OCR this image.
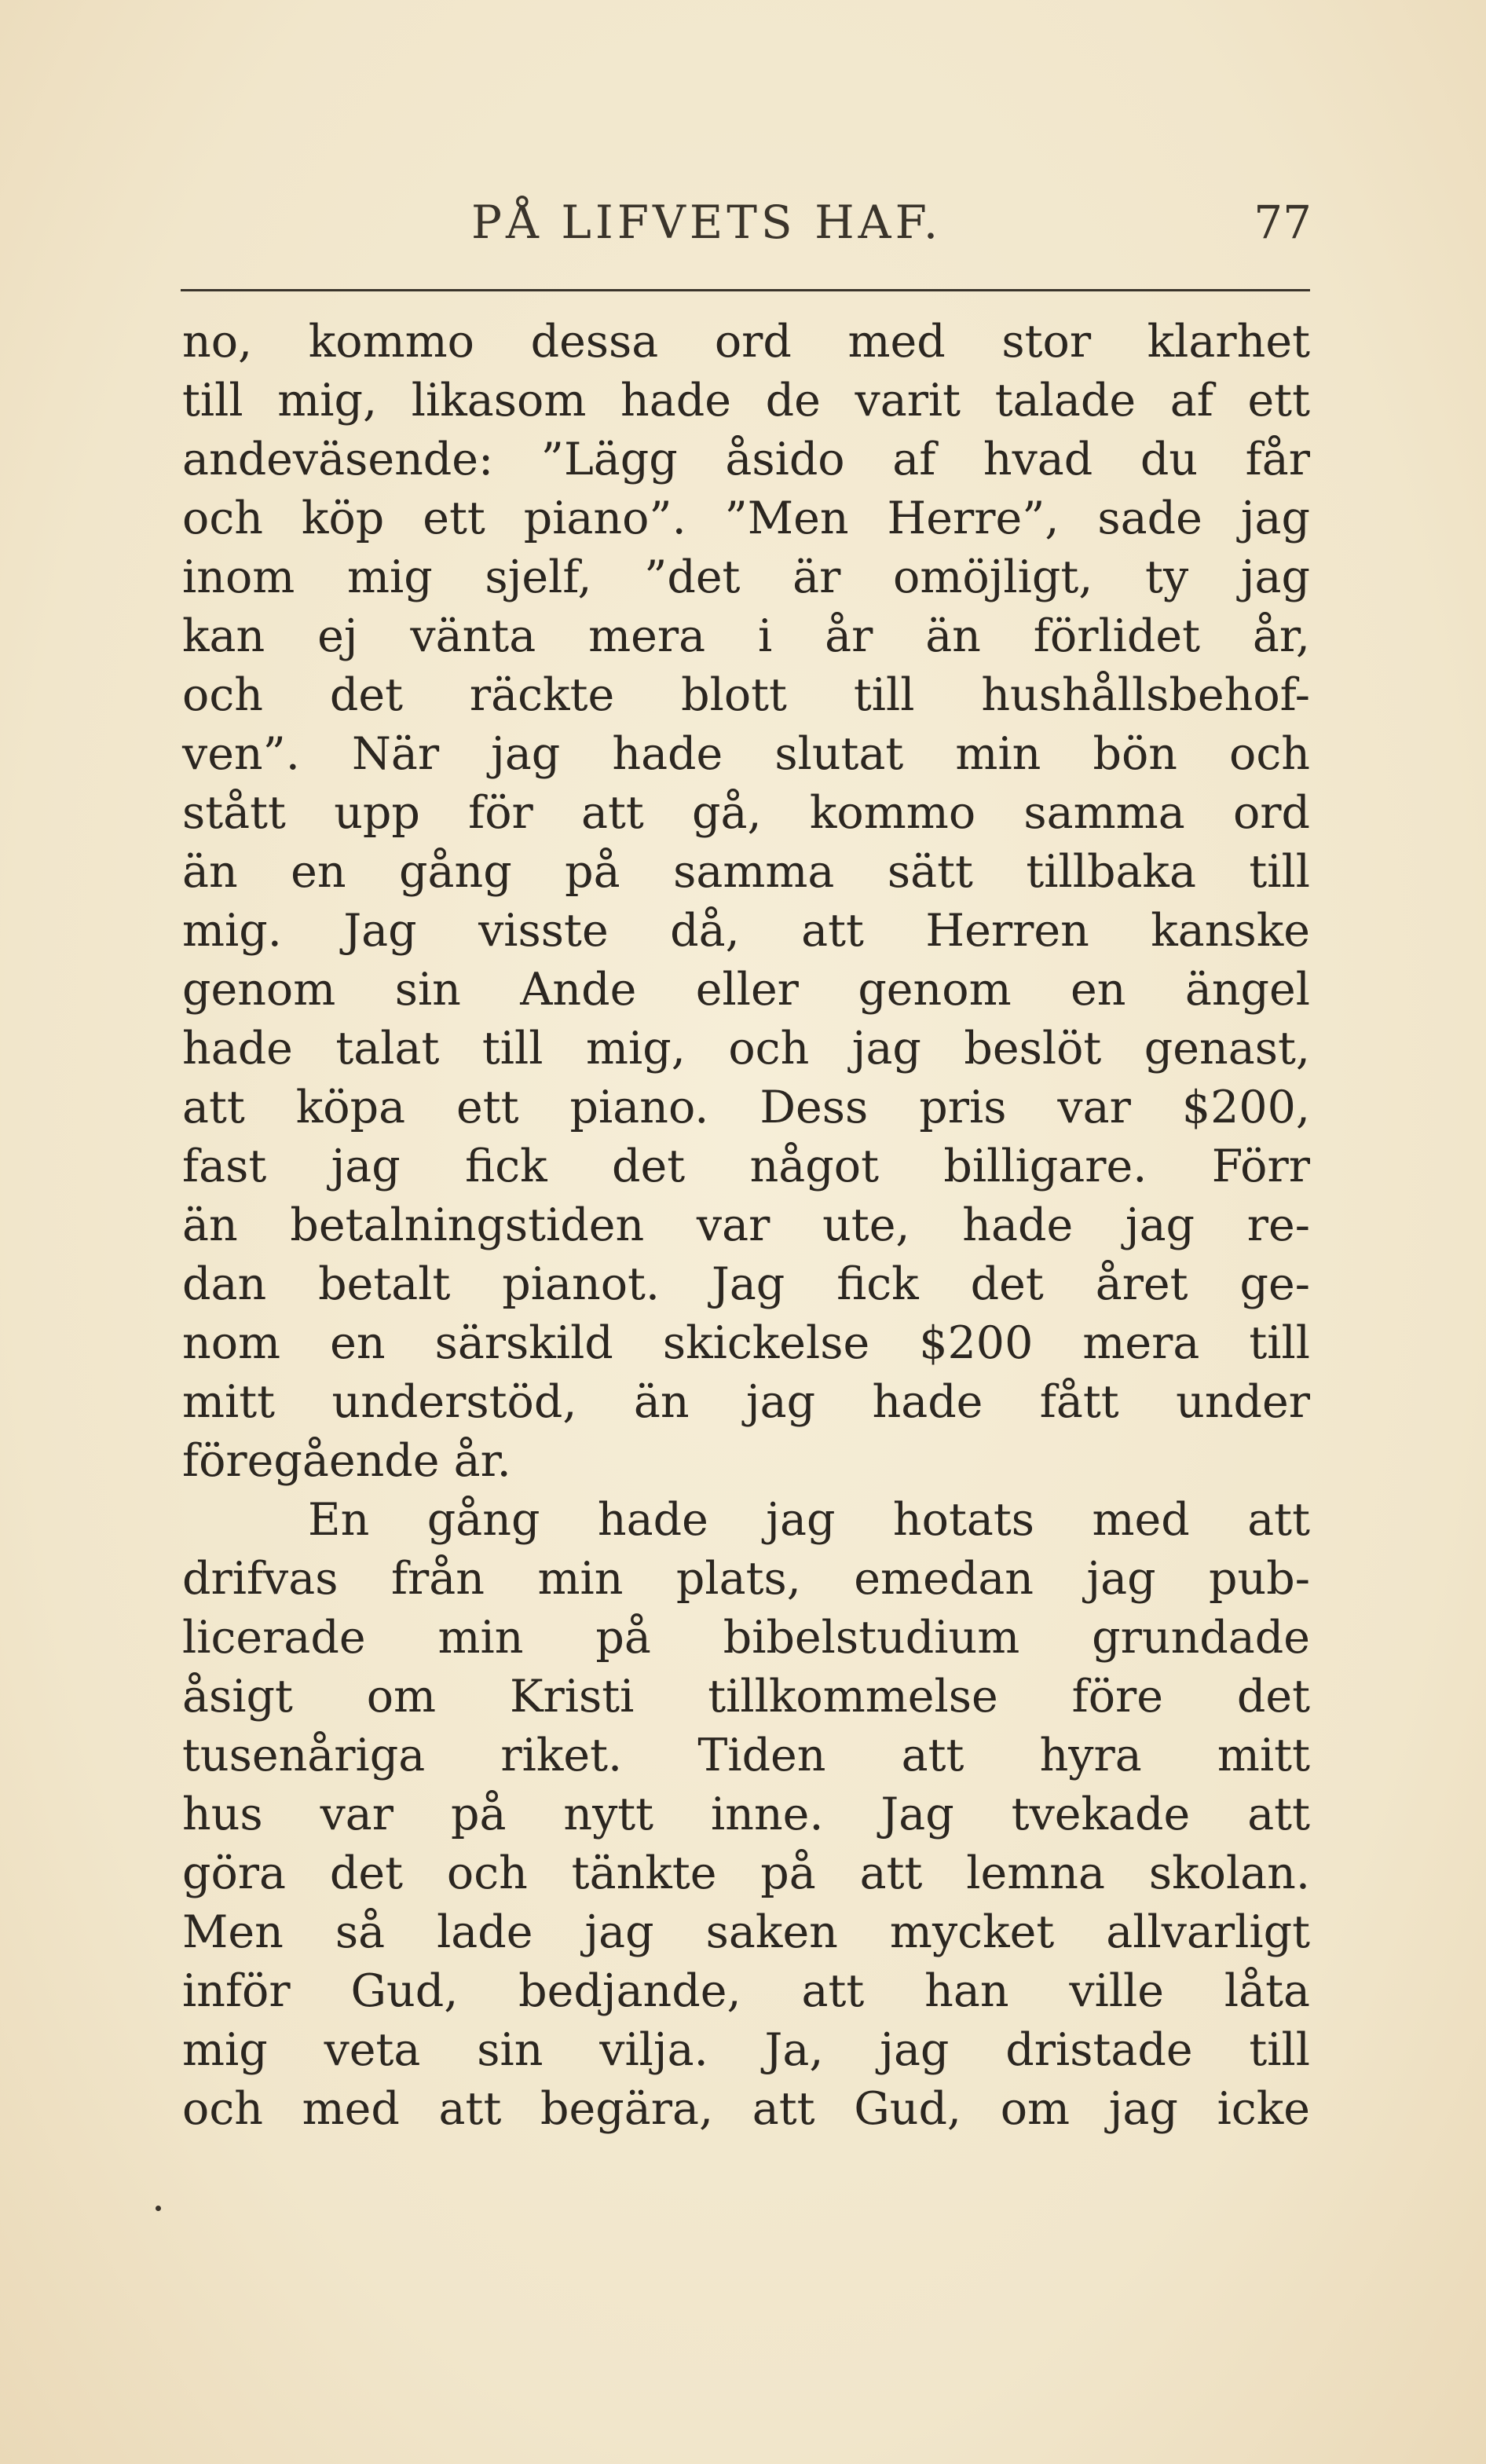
PÅ LIFVETS HAF.	77
no, kommo dessa ord med stor klarhet
till mig, likasom hade de varit talade af ett
andeväsende: ”Lägg åsido af hvad du får
och köp ett piano”. ”Men Herre”, sade jag
inom mig sjelf, ”det är omöjligt, ty jag
kan ej vänta mera i år än förlidet år,
och det räckte blott till hushållsbehof-
ven”. När jag hade slutat min bön och
stått upp för att gå, kommo samma ord
än en gång på samma sätt tillbaka till
mig. Jag visste då, att Herren kanske
genom sin Ande eller genom en ängel
hade talat till mig, och jag beslöt genast,
att köpa ett piano. Dess pris var $200,
fast jag fick det något billigare. Förr
än betalningstiden var ute, hade jag re-
dan betalt pianot. Jag fick det året ge-
nom en särskild skickelse $200 mera till
mitt understöd, än jag hade fått under
föregående år.
En gång hade jag hotats med att
drifvas från min plats, emedan jag pub-
licerade min på bibelstudium grundade
åsigt om Kristi tillkommelse före det
tusenåriga riket. Tiden att hyra mitt
hus var på nytt inne. Jag tvekade att
göra det och tänkte på att lemna skolan.
Men så lade jag saken mycket allvarligt
inför Gud, bedjande, att han ville låta
mig veta sin vilja. Ja, jag dristade till
och med att begära, att Gud, om jag icke
